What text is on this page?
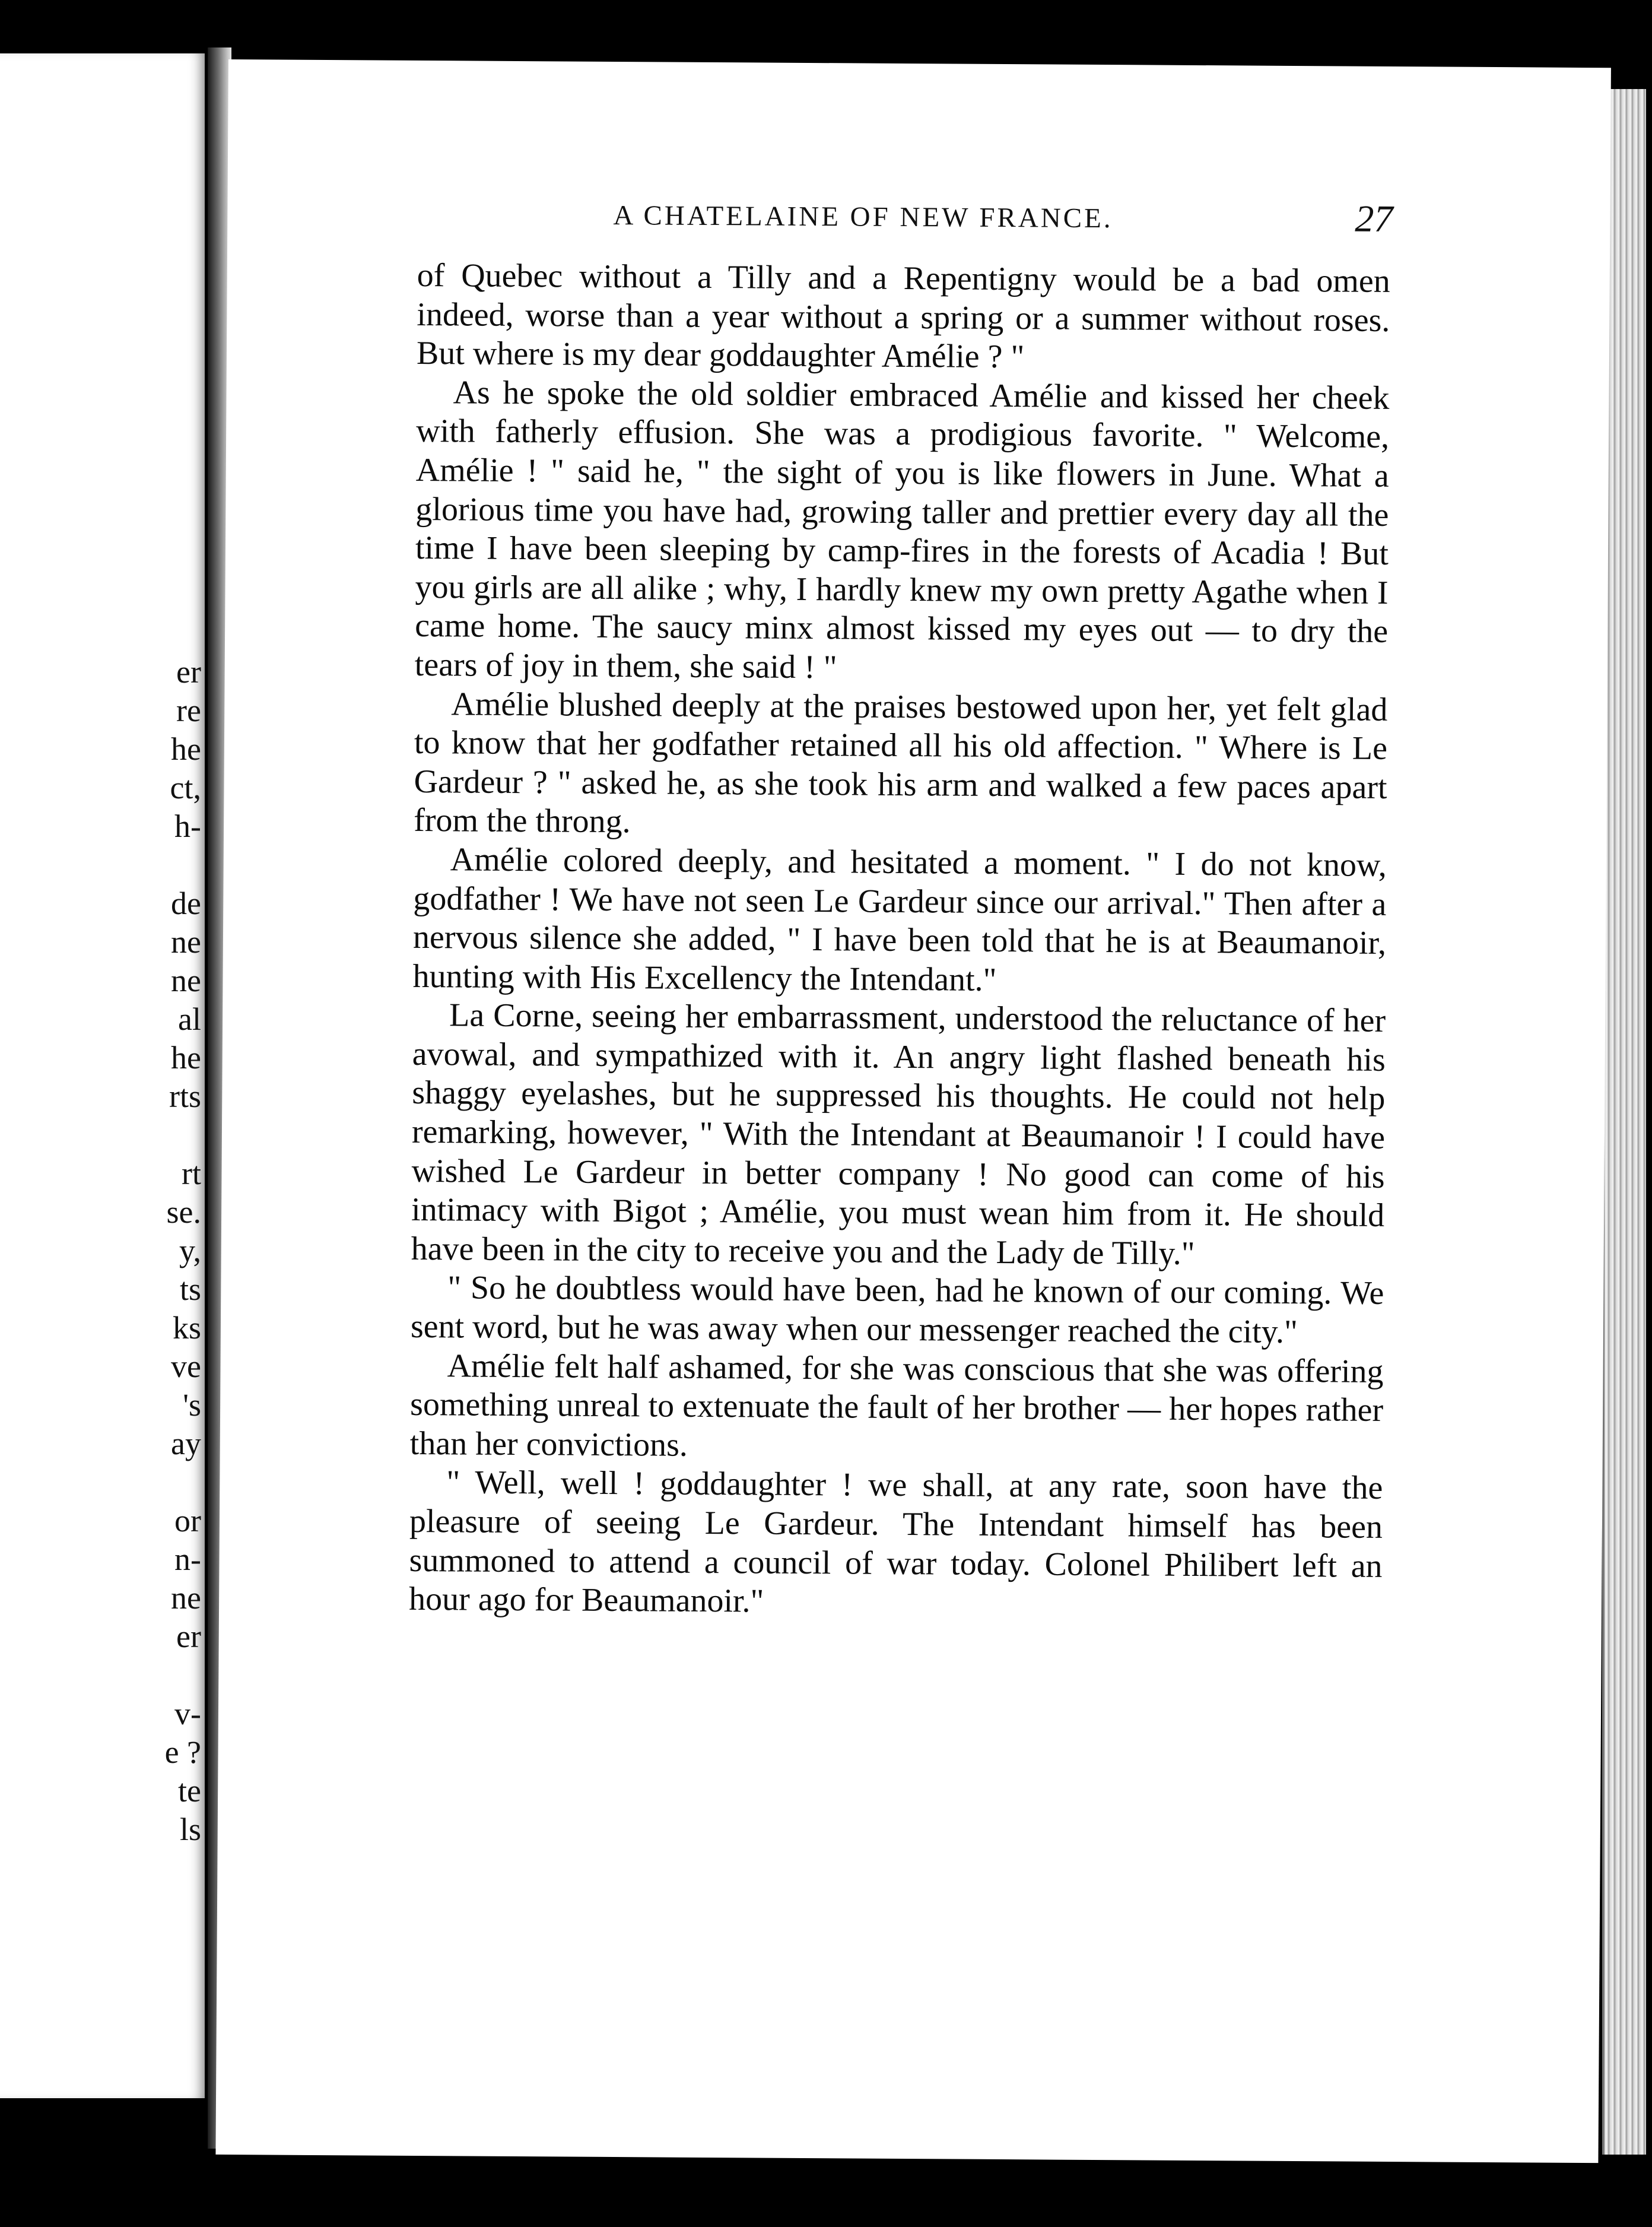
er
re
he
ct,
h-
de
ne
ne
al
he
rts
rt
se.
y,
ts
ks
ve
's
ay
or
n-
ne
er
v-
e ?
te
ls
A CHATELAINE OF NEW FRANCE.	27

of Quebec without a Tilly and a Repentigny would be a bad omen indeed, worse than a year without a spring or a summer without roses. But where is my dear goddaughter Amélie ? "

As he spoke the old soldier embraced Amélie and kissed her cheek with fatherly effusion. She was a prodigious favorite. " Welcome, Amélie ! " said he, " the sight of you is like flowers in June. What a glorious time you have had, growing taller and prettier every day all the time I have been sleeping by camp-fires in the forests of Acadia ! But you girls are all alike ; why, I hardly knew my own pretty Agathe when I came home. The saucy minx almost kissed my eyes out — to dry the tears of joy in them, she said ! "

Amélie blushed deeply at the praises bestowed upon her, yet felt glad to know that her godfather retained all his old affection. " Where is Le Gardeur ? " asked he, as she took his arm and walked a few paces apart from the throng.

Amélie colored deeply, and hesitated a moment. " I do not know, godfather ! We have not seen Le Gardeur since our arrival." Then after a nervous silence she added, " I have been told that he is at Beaumanoir, hunting with His Excellency the Intendant."

La Corne, seeing her embarrassment, understood the reluctance of her avowal, and sympathized with it. An angry light flashed beneath his shaggy eyelashes, but he suppressed his thoughts. He could not help remarking, however, " With the Intendant at Beaumanoir ! I could have wished Le Gardeur in better company ! No good can come of his intimacy with Bigot ; Amélie, you must wean him from it. He should have been in the city to receive you and the Lady de Tilly."

" So he doubtless would have been, had he known of our coming. We sent word, but he was away when our messenger reached the city."

Amélie felt half ashamed, for she was conscious that she was offering something unreal to extenuate the fault of her brother — her hopes rather than her convictions.

" Well, well ! goddaughter ! we shall, at any rate, soon have the pleasure of seeing Le Gardeur. The Intendant himself has been summoned to attend a council of war today. Colonel Philibert left an hour ago for Beaumanoir."
